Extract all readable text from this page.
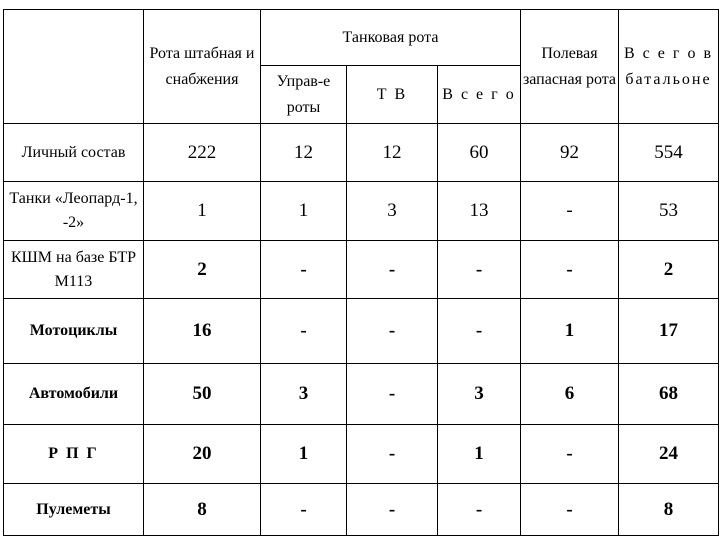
	Рота штабная и снабжения	Танковая рота			Полевая запасная рота	В с е г о в батальоне
		Управ-е роты	Т В	В с е г о		
Личный состав	222	12	12	60	92	554
Танки «Леопард-1, -2»	1	1	3	13	-	53
КШМ на базе БТР М113	2	-	-	-	-	2
Мотоциклы	16	-	-	-	1	17
Автомобили	50	3	-	3	6	68
Р П Г	20	1	-	1	-	24
Пулеметы	8	-	-	-	-	8
